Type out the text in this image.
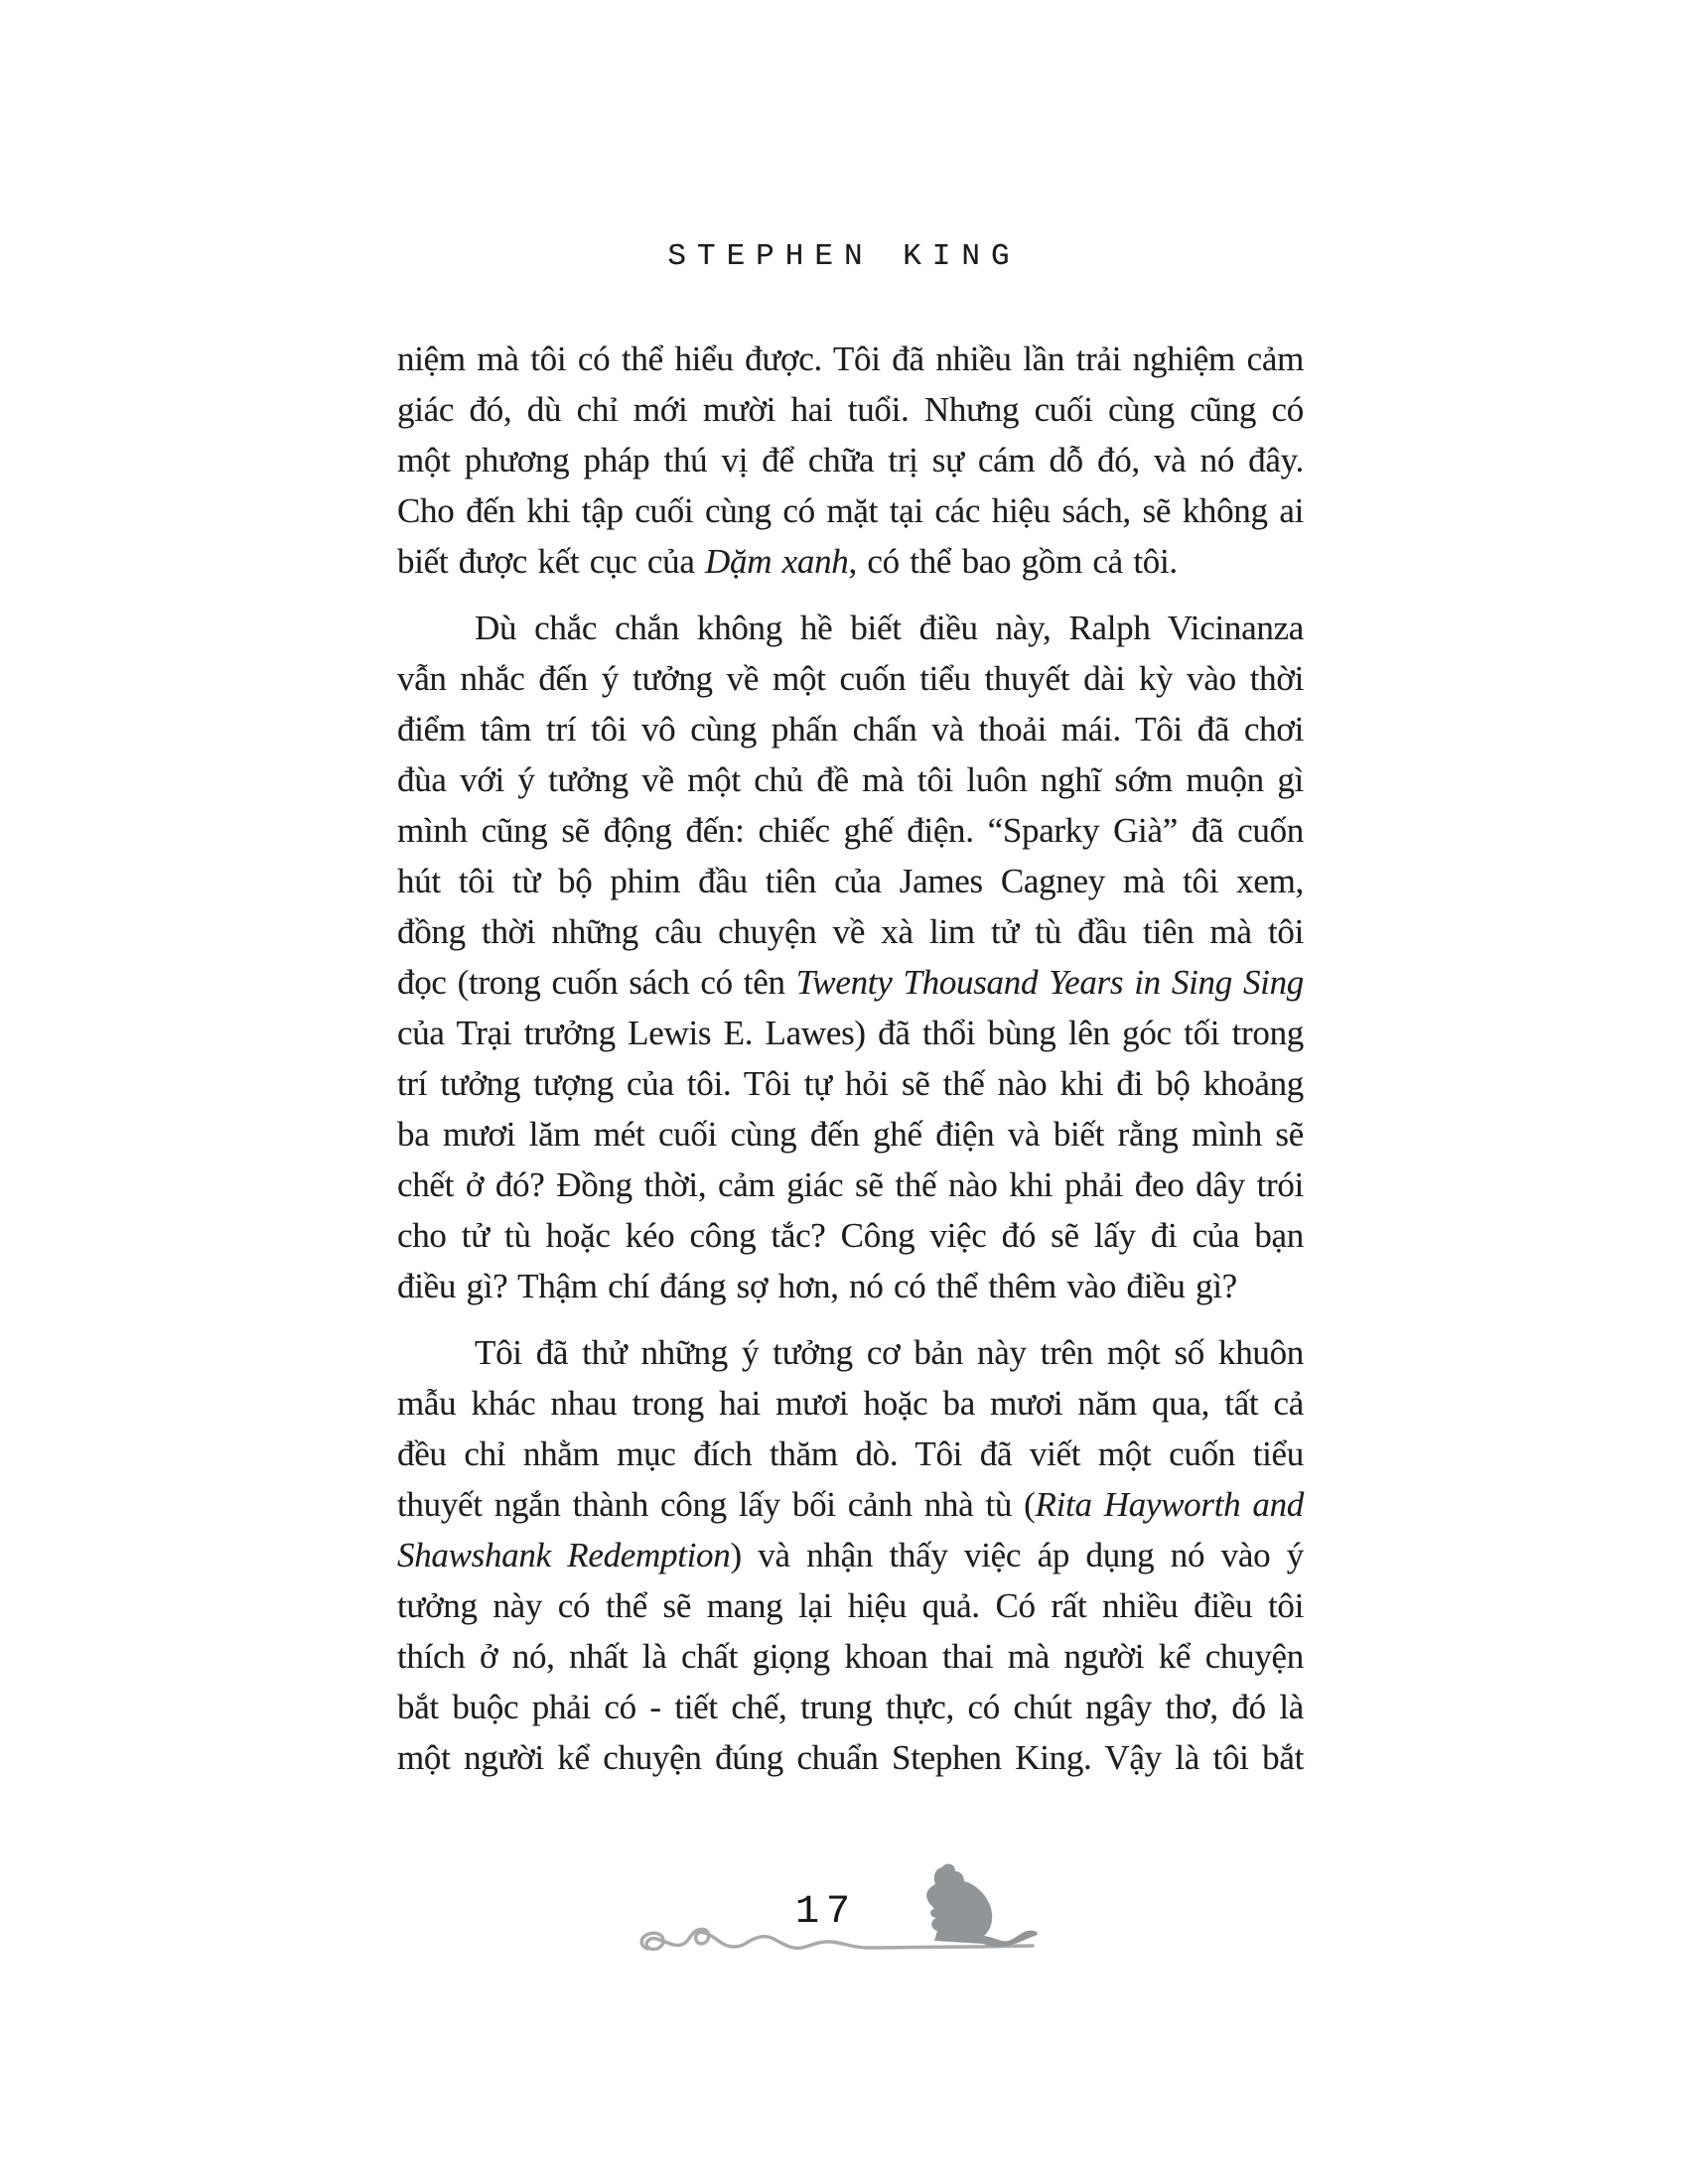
STEPHEN KING
niệm mà tôi có thể hiểu được. Tôi đã nhiều lần trải nghiệm cảm
giác đó, dù chỉ mới mười hai tuổi. Nhưng cuối cùng cũng có
một phương pháp thú vị để chữa trị sự cám dỗ đó, và nó đây.
Cho đến khi tập cuối cùng có mặt tại các hiệu sách, sẽ không ai
biết được kết cục của Dặm xanh, có thể bao gồm cả tôi.
Dù chắc chắn không hề biết điều này, Ralph Vicinanza
vẫn nhắc đến ý tưởng về một cuốn tiểu thuyết dài kỳ vào thời
điểm tâm trí tôi vô cùng phấn chấn và thoải mái. Tôi đã chơi
đùa với ý tưởng về một chủ đề mà tôi luôn nghĩ sớm muộn gì
mình cũng sẽ động đến: chiếc ghế điện. “Sparky Già” đã cuốn
hút tôi từ bộ phim đầu tiên của James Cagney mà tôi xem,
đồng thời những câu chuyện về xà lim tử tù đầu tiên mà tôi
đọc (trong cuốn sách có tên Twenty Thousand Years in Sing Sing
của Trại trưởng Lewis E. Lawes) đã thổi bùng lên góc tối trong
trí tưởng tượng của tôi. Tôi tự hỏi sẽ thế nào khi đi bộ khoảng
ba mươi lăm mét cuối cùng đến ghế điện và biết rằng mình sẽ
chết ở đó? Đồng thời, cảm giác sẽ thế nào khi phải đeo dây trói
cho tử tù hoặc kéo công tắc? Công việc đó sẽ lấy đi của bạn
điều gì? Thậm chí đáng sợ hơn, nó có thể thêm vào điều gì?
Tôi đã thử những ý tưởng cơ bản này trên một số khuôn
mẫu khác nhau trong hai mươi hoặc ba mươi năm qua, tất cả
đều chỉ nhằm mục đích thăm dò. Tôi đã viết một cuốn tiểu
thuyết ngắn thành công lấy bối cảnh nhà tù (Rita Hayworth and
Shawshank Redemption) và nhận thấy việc áp dụng nó vào ý
tưởng này có thể sẽ mang lại hiệu quả. Có rất nhiều điều tôi
thích ở nó, nhất là chất giọng khoan thai mà người kể chuyện
bắt buộc phải có - tiết chế, trung thực, có chút ngây thơ, đó là
một người kể chuyện đúng chuẩn Stephen King. Vậy là tôi bắt
17
